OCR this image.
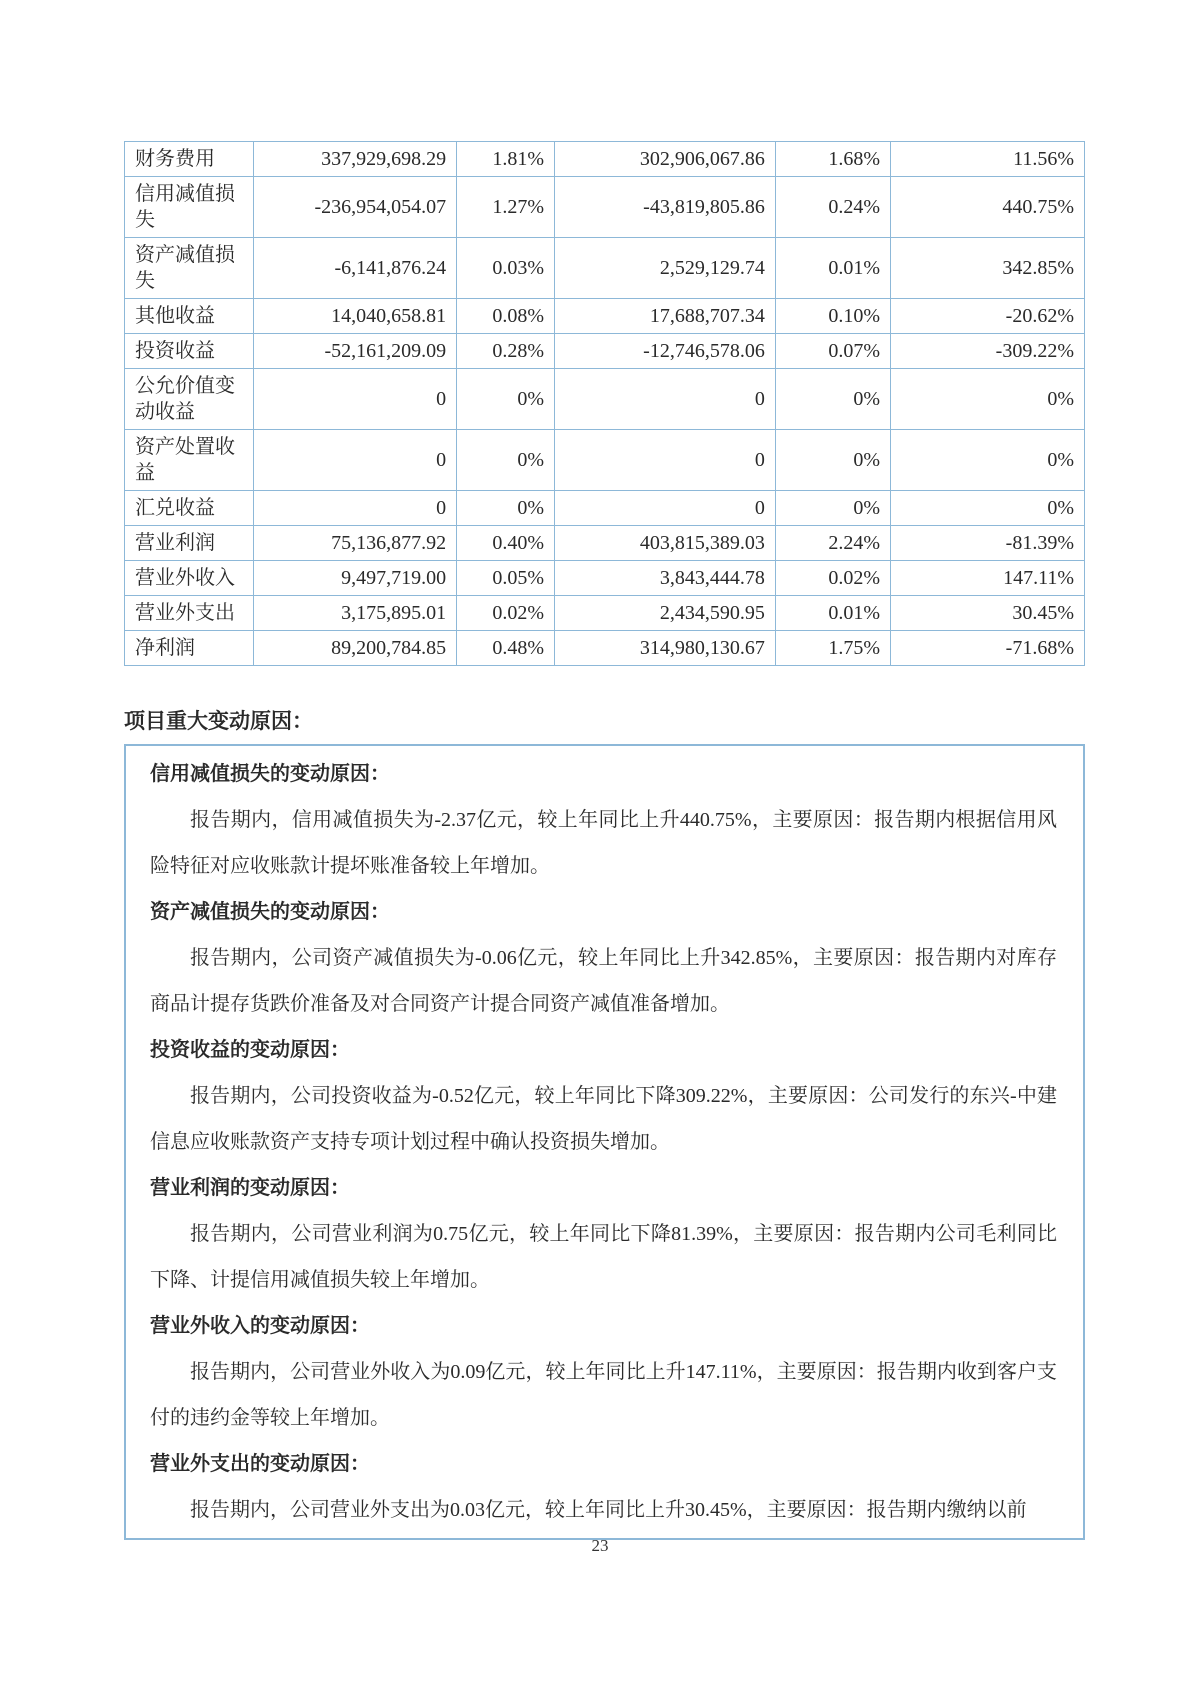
财务费用	337,929,698.29	1.81%	302,906,067.86	1.68%	11.56%
信用减值损失	-236,954,054.07	1.27%	-43,819,805.86	0.24%	440.75%
资产减值损失	-6,141,876.24	0.03%	2,529,129.74	0.01%	342.85%
其他收益	14,040,658.81	0.08%	17,688,707.34	0.10%	-20.62%
投资收益	-52,161,209.09	0.28%	-12,746,578.06	0.07%	-309.22%
公允价值变动收益	0	0%	0	0%	0%
资产处置收益	0	0%	0	0%	0%
汇兑收益	0	0%	0	0%	0%
营业利润	75,136,877.92	0.40%	403,815,389.03	2.24%	-81.39%
营业外收入	9,497,719.00	0.05%	3,843,444.78	0.02%	147.11%
营业外支出	3,175,895.01	0.02%	2,434,590.95	0.01%	30.45%
净利润	89,200,784.85	0.48%	314,980,130.67	1.75%	-71.68%
项目重大变动原因：
信用减值损失的变动原因：

报告期内，信用减值损失为-2.37亿元，较上年同比上升440.75%，主要原因：报告期内根据信用风险特征对应收账款计提坏账准备较上年增加。

资产减值损失的变动原因：

报告期内，公司资产减值损失为-0.06亿元，较上年同比上升342.85%，主要原因：报告期内对库存商品计提存货跌价准备及对合同资产计提合同资产减值准备增加。

投资收益的变动原因：

报告期内，公司投资收益为-0.52亿元，较上年同比下降309.22%，主要原因：公司发行的东兴-中建信息应收账款资产支持专项计划过程中确认投资损失增加。

营业利润的变动原因：

报告期内，公司营业利润为0.75亿元，较上年同比下降81.39%，主要原因：报告期内公司毛利同比下降、计提信用减值损失较上年增加。

营业外收入的变动原因：

报告期内，公司营业外收入为0.09亿元，较上年同比上升147.11%，主要原因：报告期内收到客户支付的违约金等较上年增加。

营业外支出的变动原因：

报告期内，公司营业外支出为0.03亿元，较上年同比上升30.45%，主要原因：报告期内缴纳以前

23
